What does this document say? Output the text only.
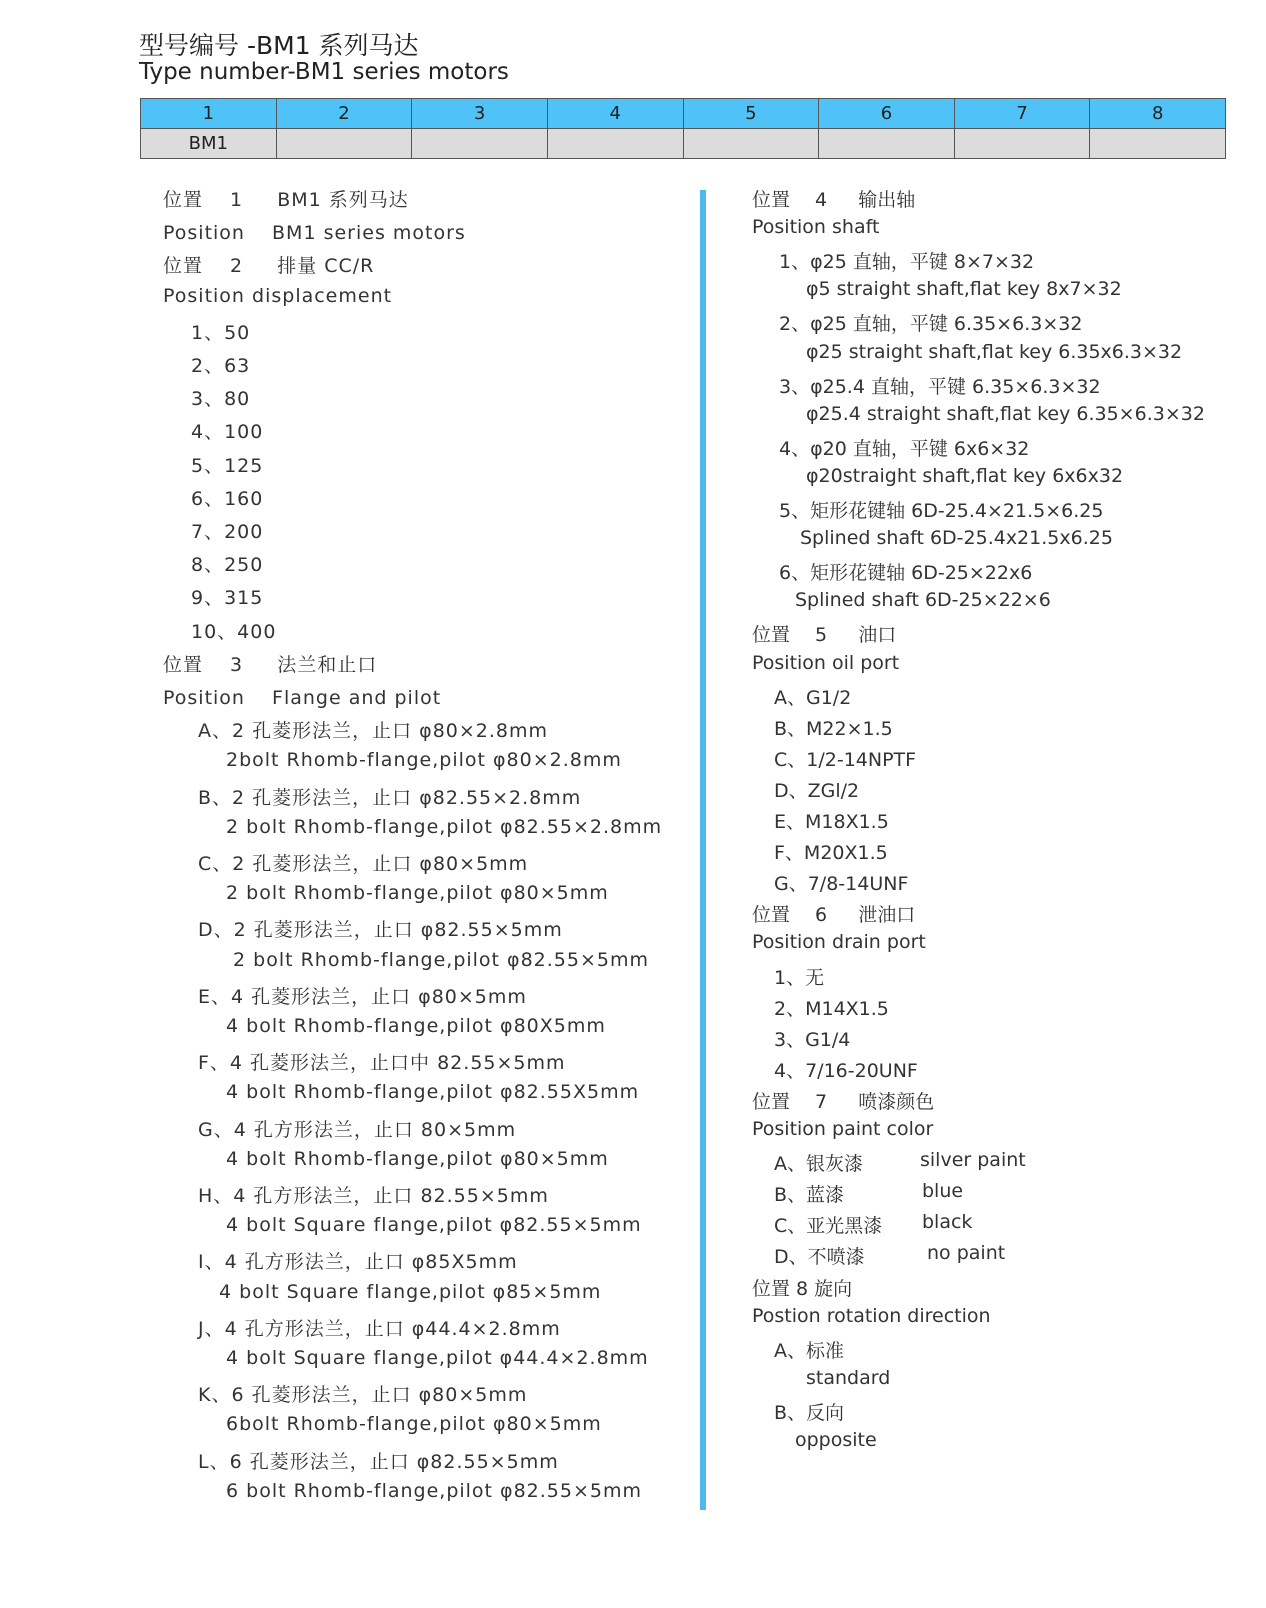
型号编号 -BM1 系列马达
Type number-BM1 series motors
1	2	3	4	5	6	7	8
BM1							
位置　 1 　 BM1 系列马达
Position　 BM1 series motors
位置　 2 　 排量 CC/R
Position displacement
1、50
2、63
3、80
4、100
5、125
6、160
7、200
8、250
9、315
10、400
位置　 3 　 法兰和止口
Position　 Flange and pilot
A、2 孔菱形法兰，止口 φ80×2.8mm
2bolt Rhomb-flange,pilot φ80×2.8mm
B、2 孔菱形法兰，止口 φ82.55×2.8mm
2 bolt Rhomb-flange,pilot φ82.55×2.8mm
C、2 孔菱形法兰，止口 φ80×5mm
2 bolt Rhomb-flange,pilot φ80×5mm
D、2 孔菱形法兰，止口 φ82.55×5mm
2 bolt Rhomb-flange,pilot φ82.55×5mm
E、4 孔菱形法兰，止口 φ80×5mm
4 bolt Rhomb-flange,pilot φ80X5mm
F、4 孔菱形法兰，止口中 82.55×5mm
4 bolt Rhomb-flange,pilot φ82.55X5mm
G、4 孔方形法兰，止口 80×5mm
4 bolt Rhomb-flange,pilot φ80×5mm
H、4 孔方形法兰，止口 82.55×5mm
4 bolt Square flange,pilot φ82.55×5mm
I、4 孔方形法兰，止口 φ85X5mm
4 bolt Square flange,pilot φ85×5mm
J、4 孔方形法兰，止口 φ44.4×2.8mm
4 bolt Square flange,pilot φ44.4×2.8mm
K、6 孔菱形法兰，止口 φ80×5mm
6bolt Rhomb-flange,pilot φ80×5mm
L、6 孔菱形法兰，止口 φ82.55×5mm
6 bolt Rhomb-flange,pilot φ82.55×5mm
位置　 4 　 输出轴
Position shaft
1、φ25 直轴，平键 8×7×32
φ5 straight shaft,flat key 8x7×32
2、φ25 直轴，平键 6.35×6.3×32
φ25 straight shaft,flat key 6.35x6.3×32
3、φ25.4 直轴，平键 6.35×6.3×32
φ25.4 straight shaft,flat key 6.35×6.3×32
4、φ20 直轴，平键 6x6×32
φ20straight shaft,flat key 6x6x32
5、矩形花键轴 6D-25.4×21.5×6.25
Splined shaft 6D-25.4x21.5x6.25
6、矩形花键轴 6D-25×22x6
Splined shaft 6D-25×22×6
位置　 5 　 油口
Position oil port
A、G1/2
B、M22×1.5
C、1/2-14NPTF
D、ZGl/2
E、M18X1.5
F、M20X1.5
G、7/8-14UNF
位置　 6 　 泄油口
Position drain port
1、无
2、M14X1.5
3、G1/4
4、7/16-20UNF
位置　 7 　 喷漆颜色
Position paint color
A、银灰漆	silver paint
B、蓝漆	blue
C、亚光黑漆 black
D、不喷漆	no paint
位置 8 旋向
Postion rotation direction
A、标准
standard
B、反向
opposite
